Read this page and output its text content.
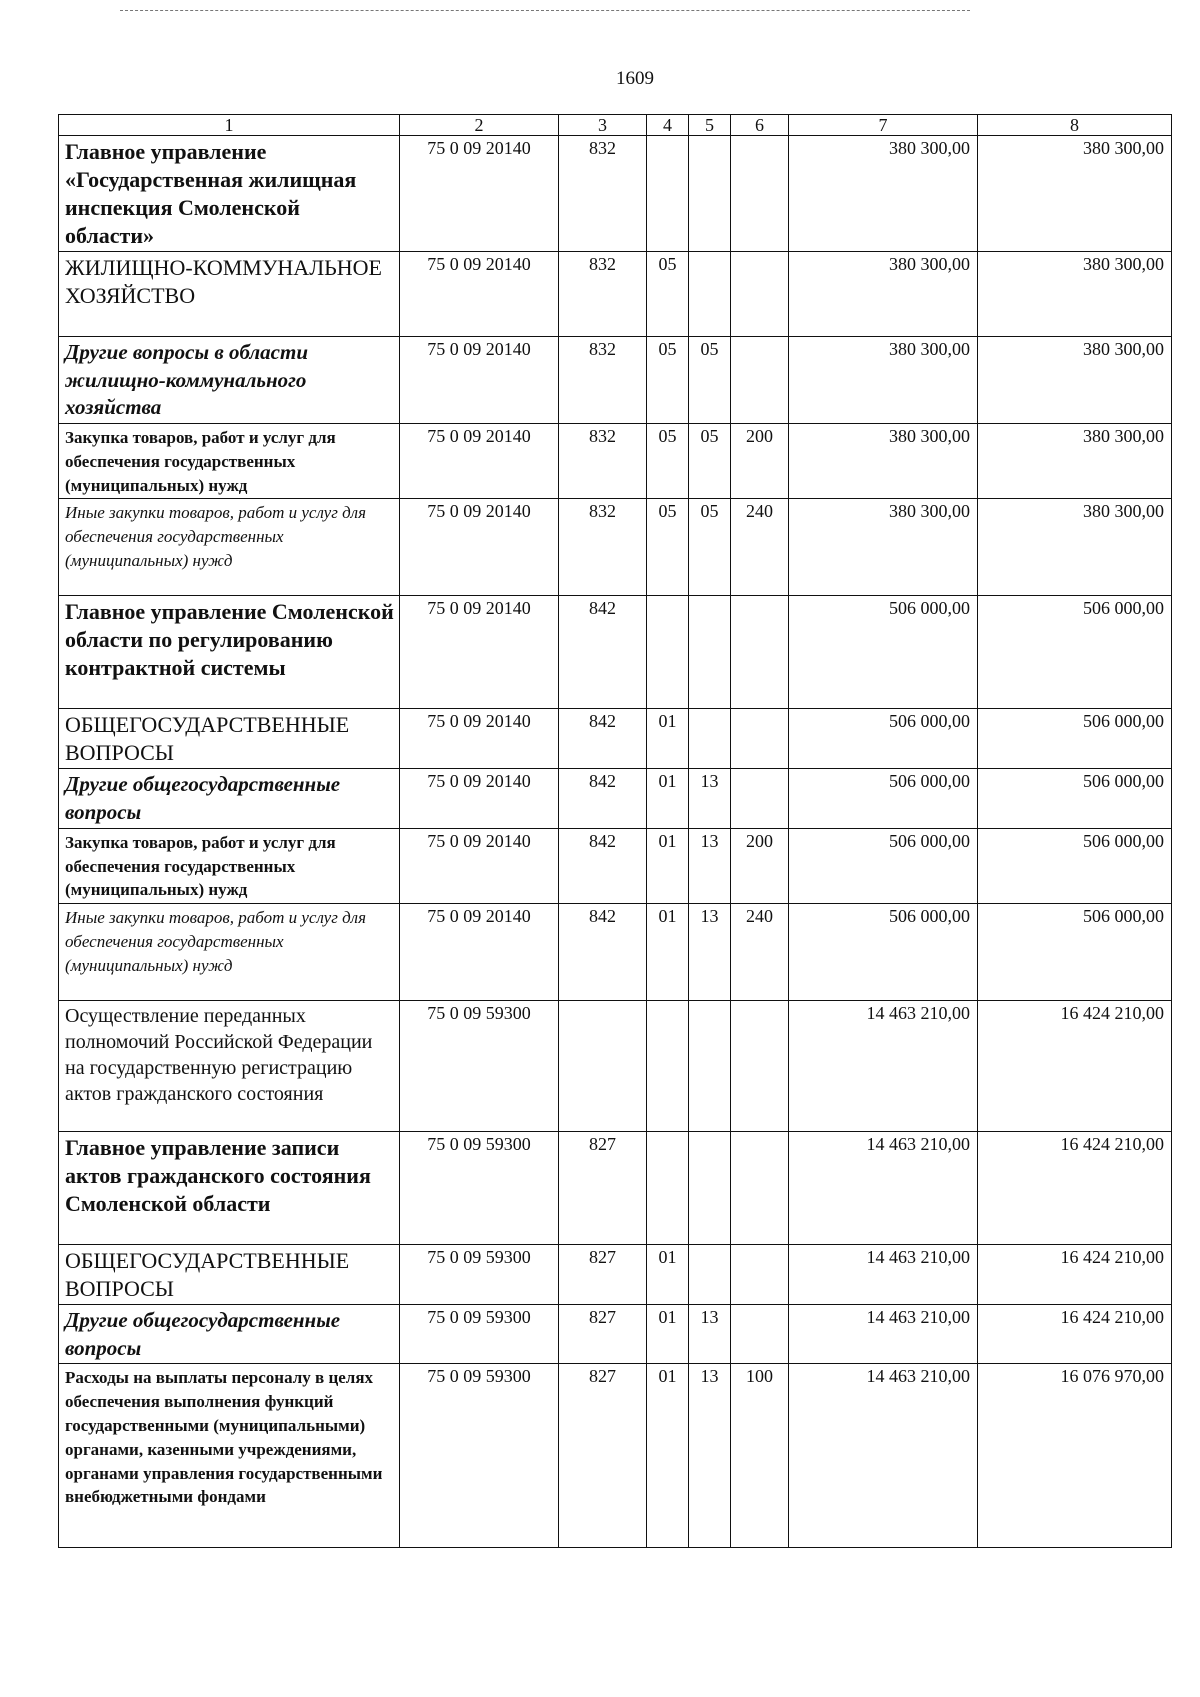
1609
1	2	3	4	5	6	7	8
Главное управление «Государственная жилищная инспекция Смоленской области»	75 0 09 20140	832				380 300,00	380 300,00
ЖИЛИЩНО-КОММУНАЛЬНОЕ ХОЗЯЙСТВО	75 0 09 20140	832	05			380 300,00	380 300,00
Другие вопросы в области жилищно-коммунального хозяйства	75 0 09 20140	832	05	05		380 300,00	380 300,00
Закупка товаров, работ и услуг для обеспечения государственных (муниципальных) нужд	75 0 09 20140	832	05	05	200	380 300,00	380 300,00
Иные закупки товаров, работ и услуг для обеспечения государственных (муниципальных) нужд	75 0 09 20140	832	05	05	240	380 300,00	380 300,00
Главное управление Смоленской области по регулированию контрактной системы	75 0 09 20140	842				506 000,00	506 000,00
ОБЩЕГОСУДАРСТВЕННЫЕ ВОПРОСЫ	75 0 09 20140	842	01			506 000,00	506 000,00
Другие общегосударственные вопросы	75 0 09 20140	842	01	13		506 000,00	506 000,00
Закупка товаров, работ и услуг для обеспечения государственных (муниципальных) нужд	75 0 09 20140	842	01	13	200	506 000,00	506 000,00
Иные закупки товаров, работ и услуг для обеспечения государственных (муниципальных) нужд	75 0 09 20140	842	01	13	240	506 000,00	506 000,00
Осуществление переданных полномочий Российской Федерации на государственную регистрацию актов гражданского состояния	75 0 09 59300					14 463 210,00	16 424 210,00
Главное управление записи актов гражданского состояния Смоленской области	75 0 09 59300	827				14 463 210,00	16 424 210,00
ОБЩЕГОСУДАРСТВЕННЫЕ ВОПРОСЫ	75 0 09 59300	827	01			14 463 210,00	16 424 210,00
Другие общегосударственные вопросы	75 0 09 59300	827	01	13		14 463 210,00	16 424 210,00
Расходы на выплаты персоналу в целях обеспечения выполнения функций государственными (муниципальными) органами, казенными учреждениями, органами управления государственными внебюджетными фондами	75 0 09 59300	827	01	13	100	14 463 210,00	16 076 970,00
